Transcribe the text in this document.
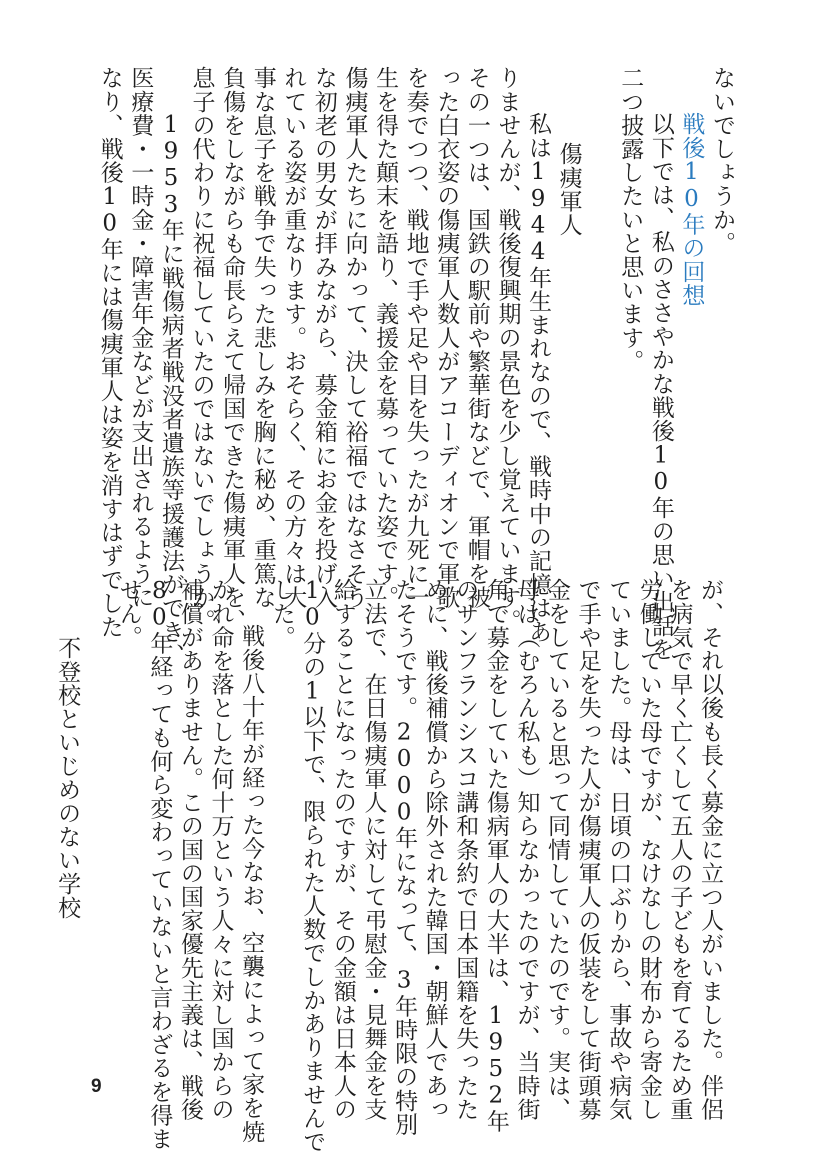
ないでしょうか。
戦後10年の回想
以下では、私のささやかな戦後10年の思い出話を
二つ披露したいと思います。
傷痍軍人
私は1944年生まれなので、戦時中の記憶はあ
りませんが、戦後復興期の景色を少し覚えています。
その一つは、国鉄の駅前や繁華街などで、軍帽を被
った白衣姿の傷痍軍人数人がアコーディオンで軍歌
を奏でつつ、戦地で手や足や目を失ったが九死に一
生を得た顛末を語り、義援金を募っていた姿です。
傷痍軍人たちに向かって、決して裕福ではなさそう
な初老の男女が拝みながら、募金箱にお金を投げ入
れている姿が重なります。おそらく、その方々は大
事な息子を戦争で失った悲しみを胸に秘め、重篤な
負傷をしながらも命長らえて帰国できた傷痍軍人を、
息子の代わりに祝福していたのではないでしょうか。
1953年に戦傷病者戦没者遺族等援護法ができ、
医療費・一時金・障害年金などが支出されるように
なり、戦後10年には傷痍軍人は姿を消すはずでした
が、それ以後も長く募金に立つ人がいました。伴侶
を病気で早く亡くして五人の子どもを育てるため重
労働していた母ですが、なけなしの財布から寄金し
ていました。母は、日頃の口ぶりから、事故や病気
で手や足を失った人が傷痍軍人の仮装をして街頭募
金をしていると思って同情していたのです。実は、
母は（むろん私も）知らなかったのですが、当時街
角で募金をしていた傷病軍人の大半は、1952年
のサンフランシスコ講和条約で日本国籍を失ったた
めに、戦後補償から除外された韓国・朝鮮人であっ
たそうです。2000年になって、3年時限の特別
立法で、在日傷痍軍人に対して弔慰金・見舞金を支
給することになったのですが、その金額は日本人の
10分の1以下で、限られた人数でしかありませんで
した。
戦後八十年が経った今なお、空襲によって家を焼
かれ命を落とした何十万という人々に対し国からの
補償がありません。この国の国家優先主義は、戦後
80年経っても何ら変わっていないと言わざるを得ま
せん。
不登校といじめのない学校
9
